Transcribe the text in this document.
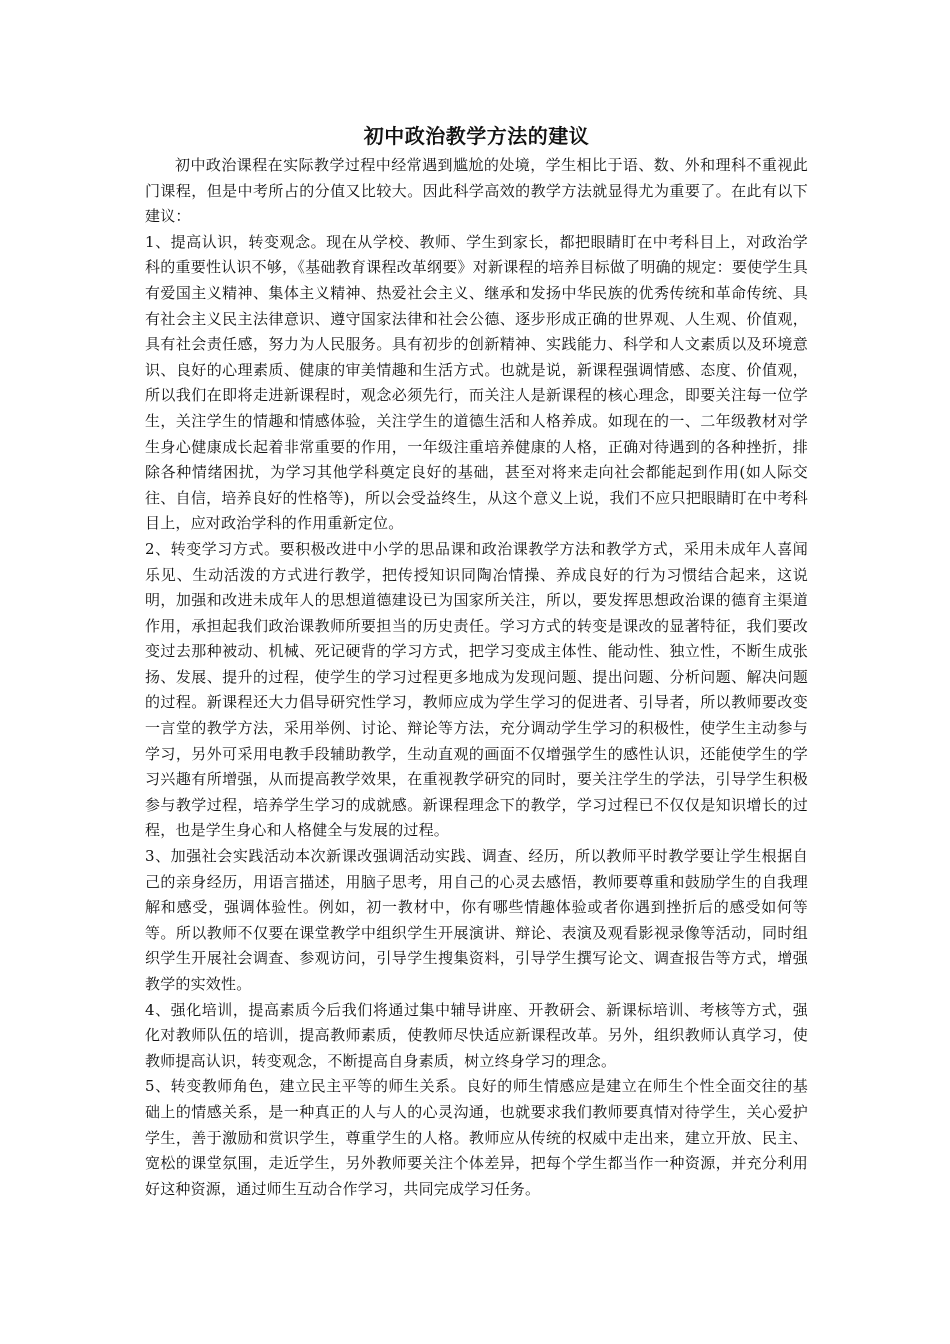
初中政治教学方法的建议

初中政治课程在实际教学过程中经常遇到尴尬的处境，学生相比于语、数、外和理科不重视此门课程，但是中考所占的分值又比较大。因此科学高效的教学方法就显得尤为重要了。在此有以下建议：

1、提高认识，转变观念。现在从学校、教师、学生到家长，都把眼睛盯在中考科目上，对政治学科的重要性认识不够，《基础教育课程改革纲要》对新课程的培养目标做了明确的规定：要使学生具有爱国主义精神、集体主义精神、热爱社会主义、继承和发扬中华民族的优秀传统和革命传统、具有社会主义民主法律意识、遵守国家法律和社会公德、逐步形成正确的世界观、人生观、价值观，具有社会责任感，努力为人民服务。具有初步的创新精神、实践能力、科学和人文素质以及环境意识、良好的心理素质、健康的审美情趣和生活方式。也就是说，新课程强调情感、态度、价值观，所以我们在即将走进新课程时，观念必须先行，而关注人是新课程的核心理念，即要关注每一位学生，关注学生的情趣和情感体验，关注学生的道德生活和人格养成。如现在的一、二年级教材对学生身心健康成长起着非常重要的作用，一年级注重培养健康的人格，正确对待遇到的各种挫折，排除各种情绪困扰，为学习其他学科奠定良好的基础，甚至对将来走向社会都能起到作用(如人际交往、自信，培养良好的性格等)，所以会受益终生，从这个意义上说，我们不应只把眼睛盯在中考科目上，应对政治学科的作用重新定位。

2、转变学习方式。要积极改进中小学的思品课和政治课教学方法和教学方式，采用未成年人喜闻乐见、生动活泼的方式进行教学，把传授知识同陶冶情操、养成良好的行为习惯结合起来，这说明，加强和改进未成年人的思想道德建设已为国家所关注，所以，要发挥思想政治课的德育主渠道作用，承担起我们政治课教师所要担当的历史责任。学习方式的转变是课改的显著特征，我们要改变过去那种被动、机械、死记硬背的学习方式，把学习变成主体性、能动性、独立性，不断生成张扬、发展、提升的过程，使学生的学习过程更多地成为发现问题、提出问题、分析问题、解决问题的过程。新课程还大力倡导研究性学习，教师应成为学生学习的促进者、引导者，所以教师要改变一言堂的教学方法，采用举例、讨论、辩论等方法，充分调动学生学习的积极性，使学生主动参与学习，另外可采用电教手段辅助教学，生动直观的画面不仅增强学生的感性认识，还能使学生的学习兴趣有所增强，从而提高教学效果，在重视教学研究的同时，要关注学生的学法，引导学生积极参与教学过程，培养学生学习的成就感。新课程理念下的教学，学习过程已不仅仅是知识增长的过程，也是学生身心和人格健全与发展的过程。

3、加强社会实践活动本次新课改强调活动实践、调查、经历，所以教师平时教学要让学生根据自己的亲身经历，用语言描述，用脑子思考，用自己的心灵去感悟，教师要尊重和鼓励学生的自我理解和感受，强调体验性。例如，初一教材中，你有哪些情趣体验或者你遇到挫折后的感受如何等等。所以教师不仅要在课堂教学中组织学生开展演讲、辩论、表演及观看影视录像等活动，同时组织学生开展社会调查、参观访问，引导学生搜集资料，引导学生撰写论文、调查报告等方式，增强教学的实效性。

4、强化培训，提高素质今后我们将通过集中辅导讲座、开教研会、新课标培训、考核等方式，强化对教师队伍的培训，提高教师素质，使教师尽快适应新课程改革。另外，组织教师认真学习，使教师提高认识，转变观念，不断提高自身素质，树立终身学习的理念。

5、转变教师角色，建立民主平等的师生关系。良好的师生情感应是建立在师生个性全面交往的基础上的情感关系，是一种真正的人与人的心灵沟通，也就要求我们教师要真情对待学生，关心爱护学生，善于激励和赏识学生，尊重学生的人格。教师应从传统的权威中走出来，建立开放、民主、宽松的课堂氛围，走近学生，另外教师要关注个体差异，把每个学生都当作一种资源，并充分利用好这种资源，通过师生互动合作学习，共同完成学习任务。
